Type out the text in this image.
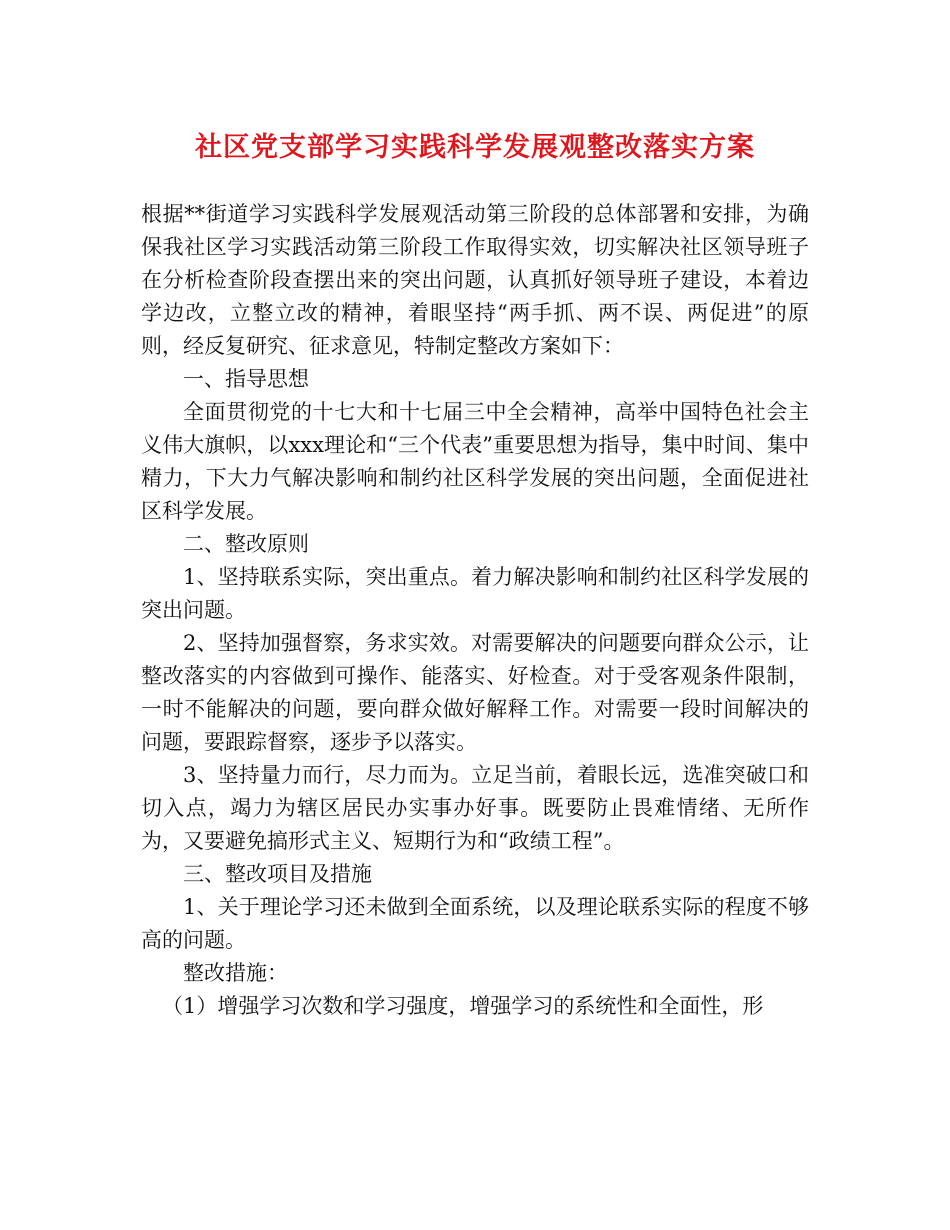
社区党支部学习实践科学发展观整改落实方案

根据**街道学习实践科学发展观活动第三阶段的总体部署和安排，为确保我社区学习实践活动第三阶段工作取得实效，切实解决社区领导班子在分析检查阶段查摆出来的突出问题，认真抓好领导班子建设，本着边学边改，立整立改的精神，着眼坚持“两手抓、两不误、两促进”的原则，经反复研究、征求意见，特制定整改方案如下：

一、指导思想

全面贯彻党的十七大和十七届三中全会精神，高举中国特色社会主义伟大旗帜，以xxx理论和“三个代表”重要思想为指导，集中时间、集中精力，下大力气解决影响和制约社区科学发展的突出问题，全面促进社区科学发展。

二、整改原则

1、坚持联系实际，突出重点。着力解决影响和制约社区科学发展的突出问题。

2、坚持加强督察，务求实效。对需要解决的问题要向群众公示，让整改落实的内容做到可操作、能落实、好检查。对于受客观条件限制，一时不能解决的问题，要向群众做好解释工作。对需要一段时间解决的问题，要跟踪督察，逐步予以落实。

3、坚持量力而行，尽力而为。立足当前，着眼长远，选准突破口和切入点，竭力为辖区居民办实事办好事。既要防止畏难情绪、无所作为，又要避免搞形式主义、短期行为和“政绩工程”。

三、整改项目及措施

1、关于理论学习还未做到全面系统，以及理论联系实际的程度不够高的问题。

整改措施：

（1）增强学习次数和学习强度，增强学习的系统性和全面性，形
